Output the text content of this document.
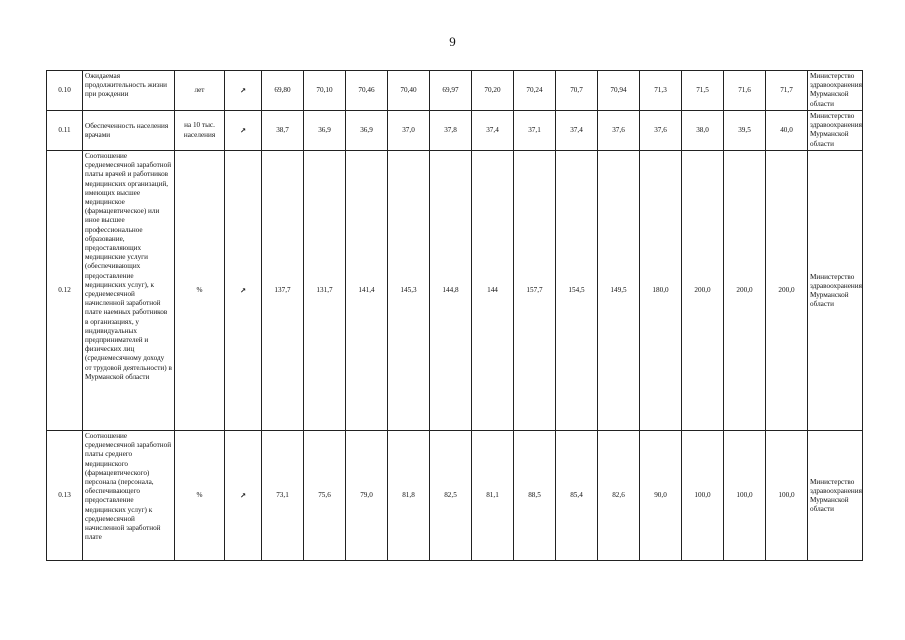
9
0.10	Ожидаемая продолжительность жизни при рождении	лет	↗	69,80	70,10	70,46	70,40	69,97	70,20	70,24	70,7	70,94	71,3	71,5	71,6	71,7	Министерство здравоохранения Мурманской области
0.11	Обеспеченность населения врачами	на 10 тыс. населения	↗	38,7	36,9	36,9	37,0	37,8	37,4	37,1	37,4	37,6	37,6	38,0	39,5	40,0	Министерство здравоохранения Мурманской области
0.12	Соотношение среднемесячной заработной платы врачей и работников медицинских организаций, имеющих высшее медицинское (фармацевтическое) или иное высшее профессиональное образование, предоставляющих медицинские услуги (обеспечивающих предоставление медицинских услуг), к среднемесячной начисленной заработной плате наемных работников в организациях, у индивидуальных предпринимателей и физических лиц (среднемесячному доходу от трудовой деятельности) в Мурманской области	%	↗	137,7	131,7	141,4	145,3	144,8	144	157,7	154,5	149,5	180,0	200,0	200,0	200,0	Министерство здравоохранения Мурманской области
0.13	Соотношение среднемесячной заработной платы среднего медицинского (фармацевтического) персонала (персонала, обеспечивающего предоставление медицинских услуг) к среднемесячной начисленной заработной плате	%	↗	73,1	75,6	79,0	81,8	82,5	81,1	88,5	85,4	82,6	90,0	100,0	100,0	100,0	Министерство здравоохранения Мурманской области
